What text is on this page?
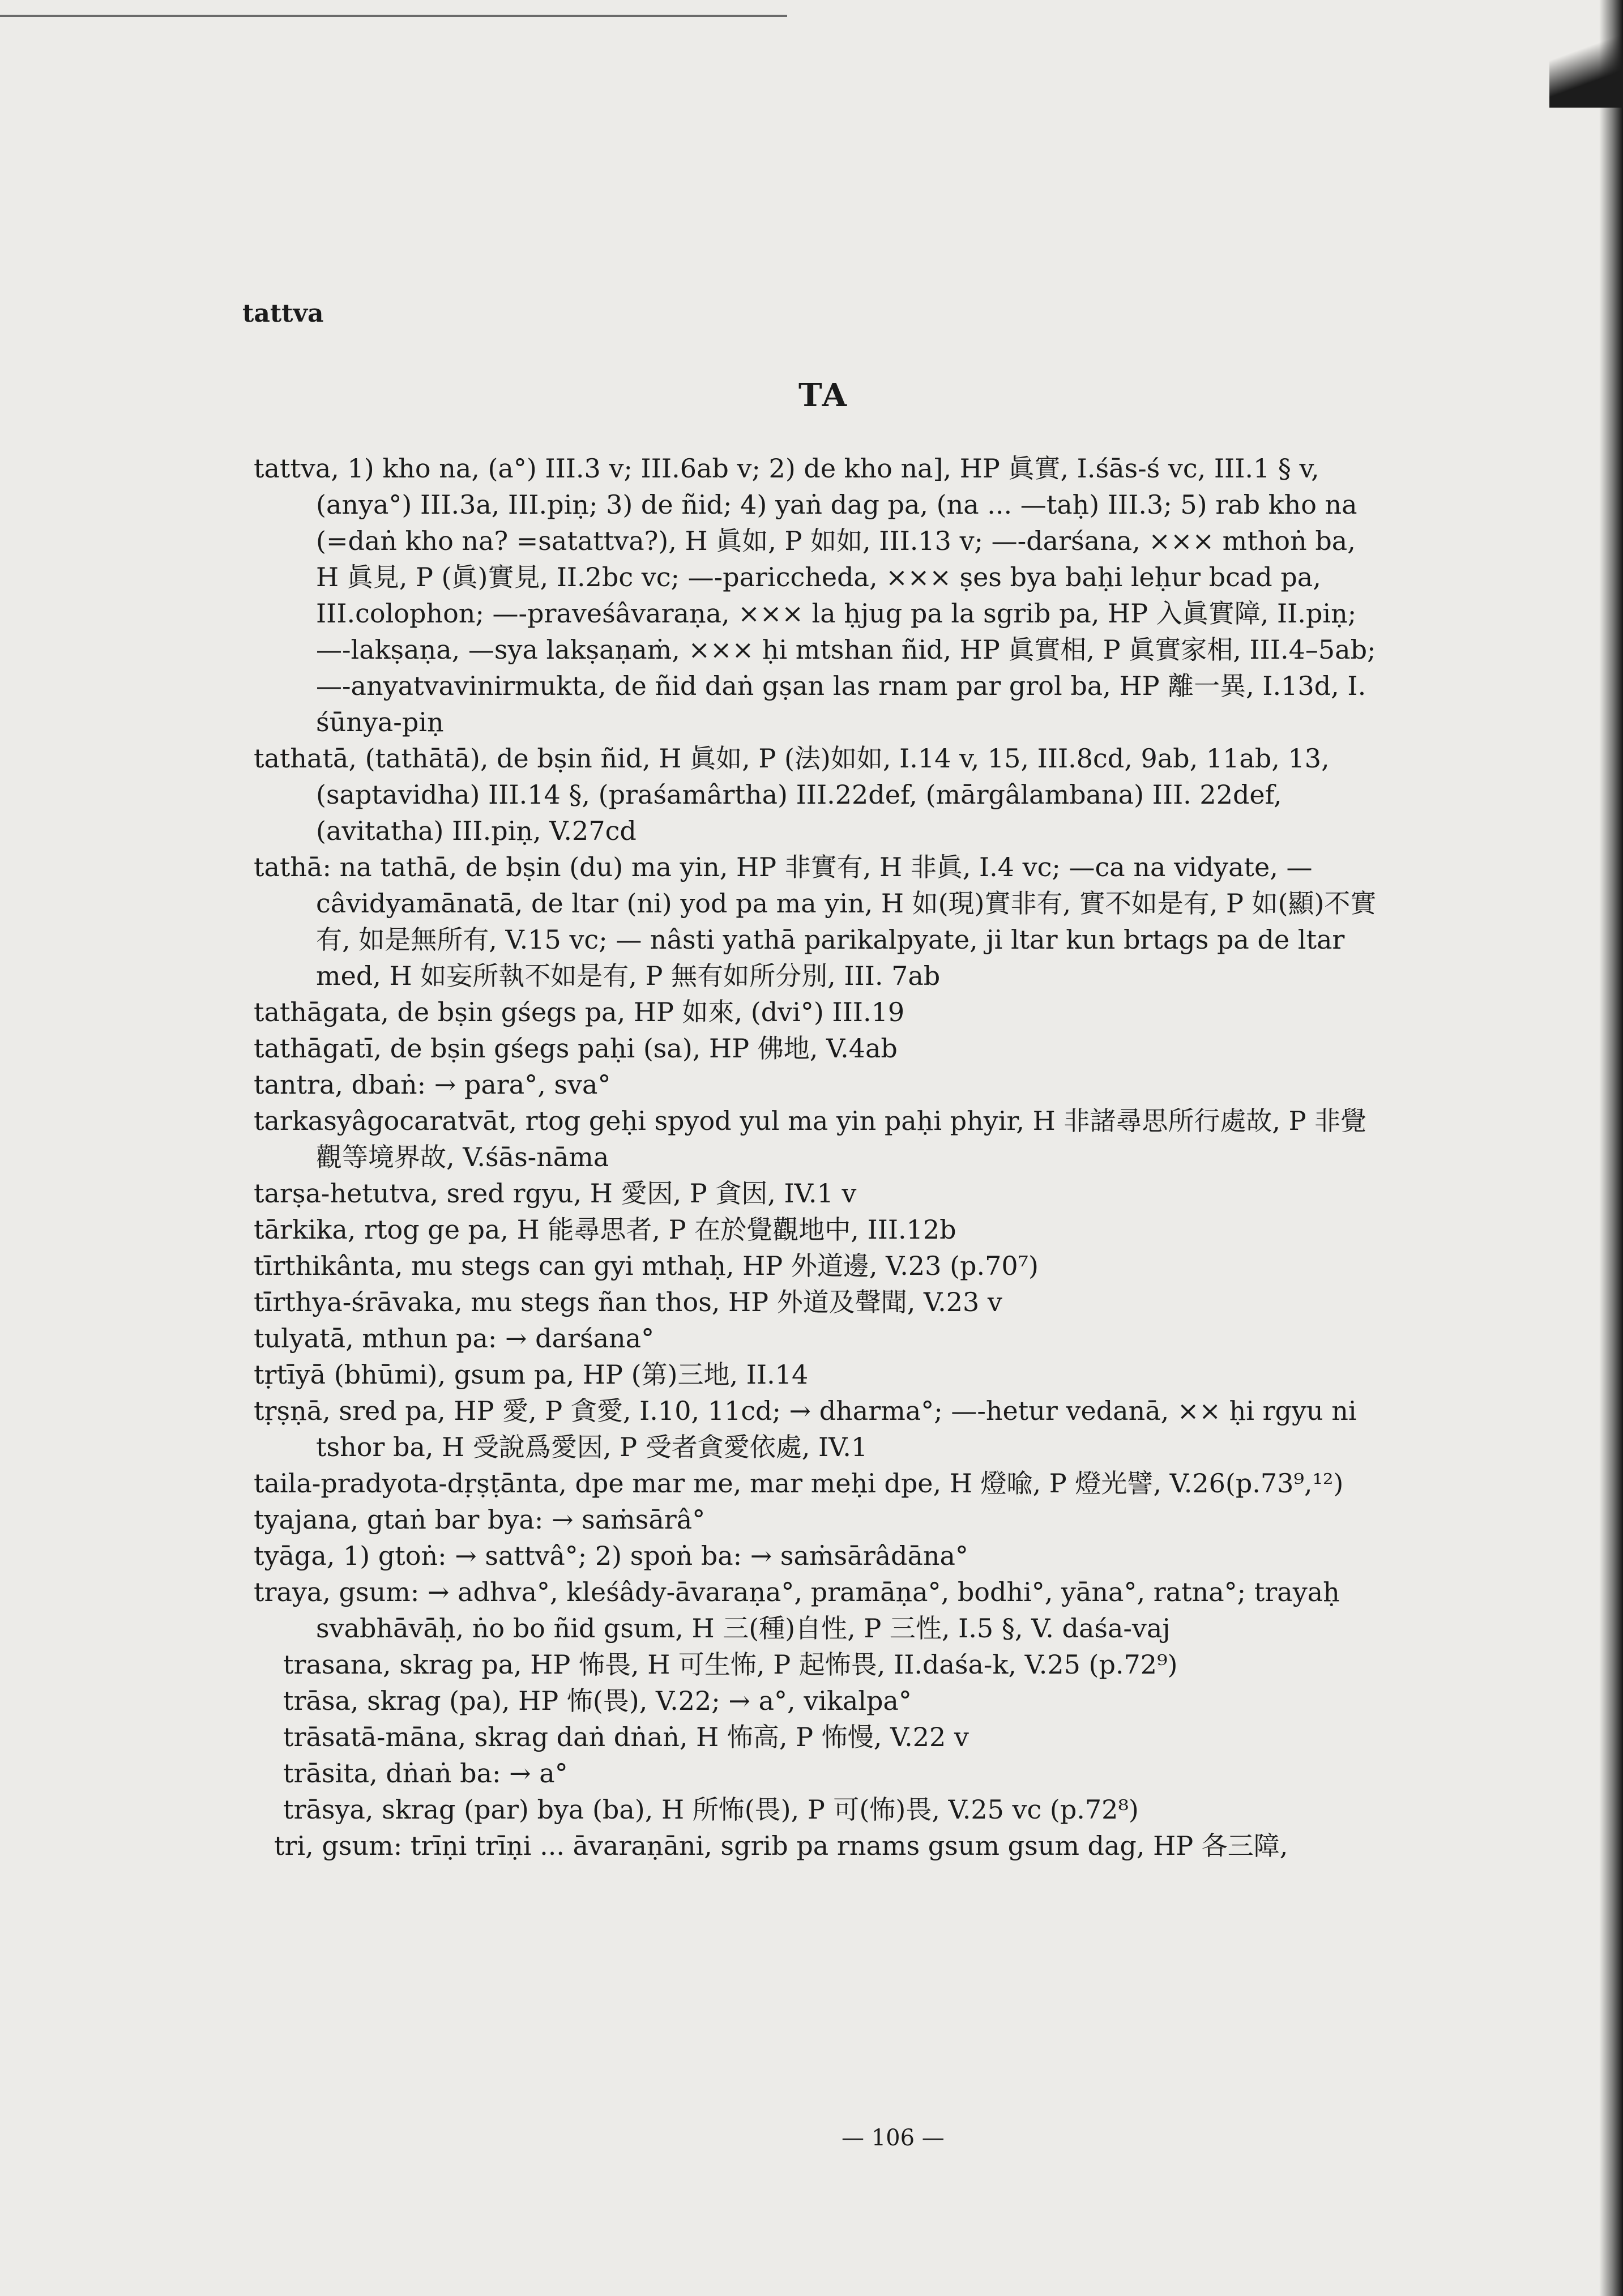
tattva
TA
tattva, 1) kho na, (a°) III.3 v; III.6ab v; 2) de kho na], HP 眞實, I.śās-ś vc, III.1 § v, (anya°) III.3a, III.piṇ; 3) de ñid; 4) yaṅ dag pa, (na ... —taḥ) III.3; 5) rab kho na (=daṅ kho na? =satattva?), H 眞如, P 如如, III.13 v; —-darśana, ××× mthoṅ ba, H 眞見, P (眞)實見, II.2bc vc; —-pariccheda, ××× ṣes bya baḥi leḥur bcad pa, III.colophon; —-praveśâvaraṇa, ××× la ḥjug pa la sgrib pa, HP 入眞實障, II.piṇ; —-lakṣaṇa, —sya lakṣaṇaṁ, ××× ḥi mtshan ñid, HP 眞實相, P 眞實家相, III.4–5ab; —-anyatvavinirmukta, de ñid daṅ gṣan las rnam par grol ba, HP 離一異, I.13d, I. śūnya-piṇ
tathatā, (tathātā), de bṣin ñid, H 眞如, P (法)如如, I.14 v, 15, III.8cd, 9ab, 11ab, 13, (saptavidha) III.14 §, (praśamârtha) III.22def, (mārgâlambana) III. 22def, (avitatha) III.piṇ, V.27cd
tathā: na tathā, de bṣin (du) ma yin, HP 非實有, H 非眞, I.4 vc; —ca na vidyate, —câvidyamānatā, de ltar (ni) yod pa ma yin, H 如(現)實非有, 實不如是有, P 如(顯)不實有, 如是無所有, V.15 vc; — nâsti yathā parikalpyate, ji ltar kun brtags pa de ltar med, H 如妄所執不如是有, P 無有如所分別, III. 7ab
tathāgata, de bṣin gśegs pa, HP 如來, (dvi°) III.19
tathāgatī, de bṣin gśegs paḥi (sa), HP 佛地, V.4ab
tantra, dbaṅ: → para°, sva°
tarkasyâgocaratvāt, rtog geḥi spyod yul ma yin paḥi phyir, H 非諸尋思所行處故, P 非覺觀等境界故, V.śās-nāma
tarṣa-hetutva, sred rgyu, H 愛因, P 貪因, IV.1 v
tārkika, rtog ge pa, H 能尋思者, P 在於覺觀地中, III.12b
tīrthikânta, mu stegs can gyi mthaḥ, HP 外道邊, V.23 (p.70⁷)
tīrthya-śrāvaka, mu stegs ñan thos, HP 外道及聲聞, V.23 v
tulyatā, mthun pa: → darśana°
tṛtīyā (bhūmi), gsum pa, HP (第)三地, II.14
tṛṣṇā, sred pa, HP 愛, P 貪愛, I.10, 11cd; → dharma°; —-hetur vedanā, ×× ḥi rgyu ni tshor ba, H 受說爲愛因, P 受者貪愛依處, IV.1
taila-pradyota-dṛṣṭānta, dpe mar me, mar meḥi dpe, H 燈喩, P 燈光譬, V.26(p.73⁹,¹²)
tyajana, gtaṅ bar bya: → saṁsārâ°
tyāga, 1) gtoṅ: → sattvâ°; 2) spoṅ ba: → saṁsārâdāna°
traya, gsum: → adhva°, kleśâdy-āvaraṇa°, pramāṇa°, bodhi°, yāna°, ratna°; trayaḥ svabhāvāḥ, ṅo bo ñid gsum, H 三(種)自性, P 三性, I.5 §, V. daśa-vaj
trasana, skrag pa, HP 怖畏, H 可生怖, P 起怖畏, II.daśa-k, V.25 (p.72⁹)
trāsa, skrag (pa), HP 怖(畏), V.22; → a°, vikalpa°
trāsatā-māna, skrag daṅ dṅaṅ, H 怖高, P 怖慢, V.22 v
trāsita, dṅaṅ ba: → a°
trāsya, skrag (par) bya (ba), H 所怖(畏), P 可(怖)畏, V.25 vc (p.72⁸)
tri, gsum: trīṇi trīṇi ... āvaraṇāni, sgrib pa rnams gsum gsum dag, HP 各三障,
— 106 —
